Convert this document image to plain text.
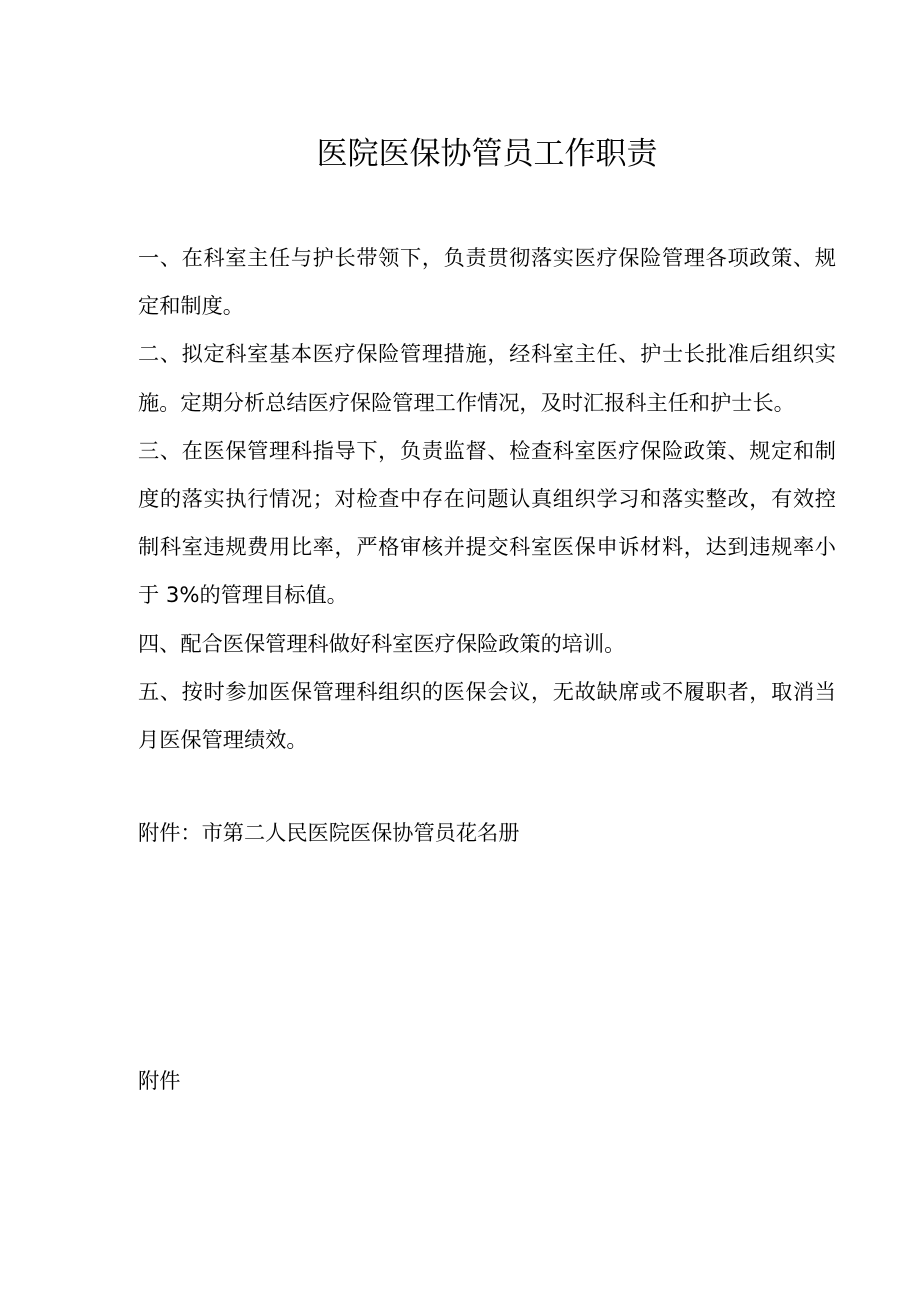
医院医保协管员工作职责

一、在科室主任与护长带领下，负责贯彻落实医疗保险管理各项政策、规定和制度。

二、拟定科室基本医疗保险管理措施，经科室主任、护士长批准后组织实施。定期分析总结医疗保险管理工作情况，及时汇报科主任和护士长。

三、在医保管理科指导下，负责监督、检查科室医疗保险政策、规定和制度的落实执行情况；对检查中存在问题认真组织学习和落实整改，有效控制科室违规费用比率，严格审核并提交科室医保申诉材料，达到违规率小于 3%的管理目标值。

四、配合医保管理科做好科室医疗保险政策的培训。

五、按时参加医保管理科组织的医保会议，无故缺席或不履职者，取消当月医保管理绩效。

附件：市第二人民医院医保协管员花名册

附件
